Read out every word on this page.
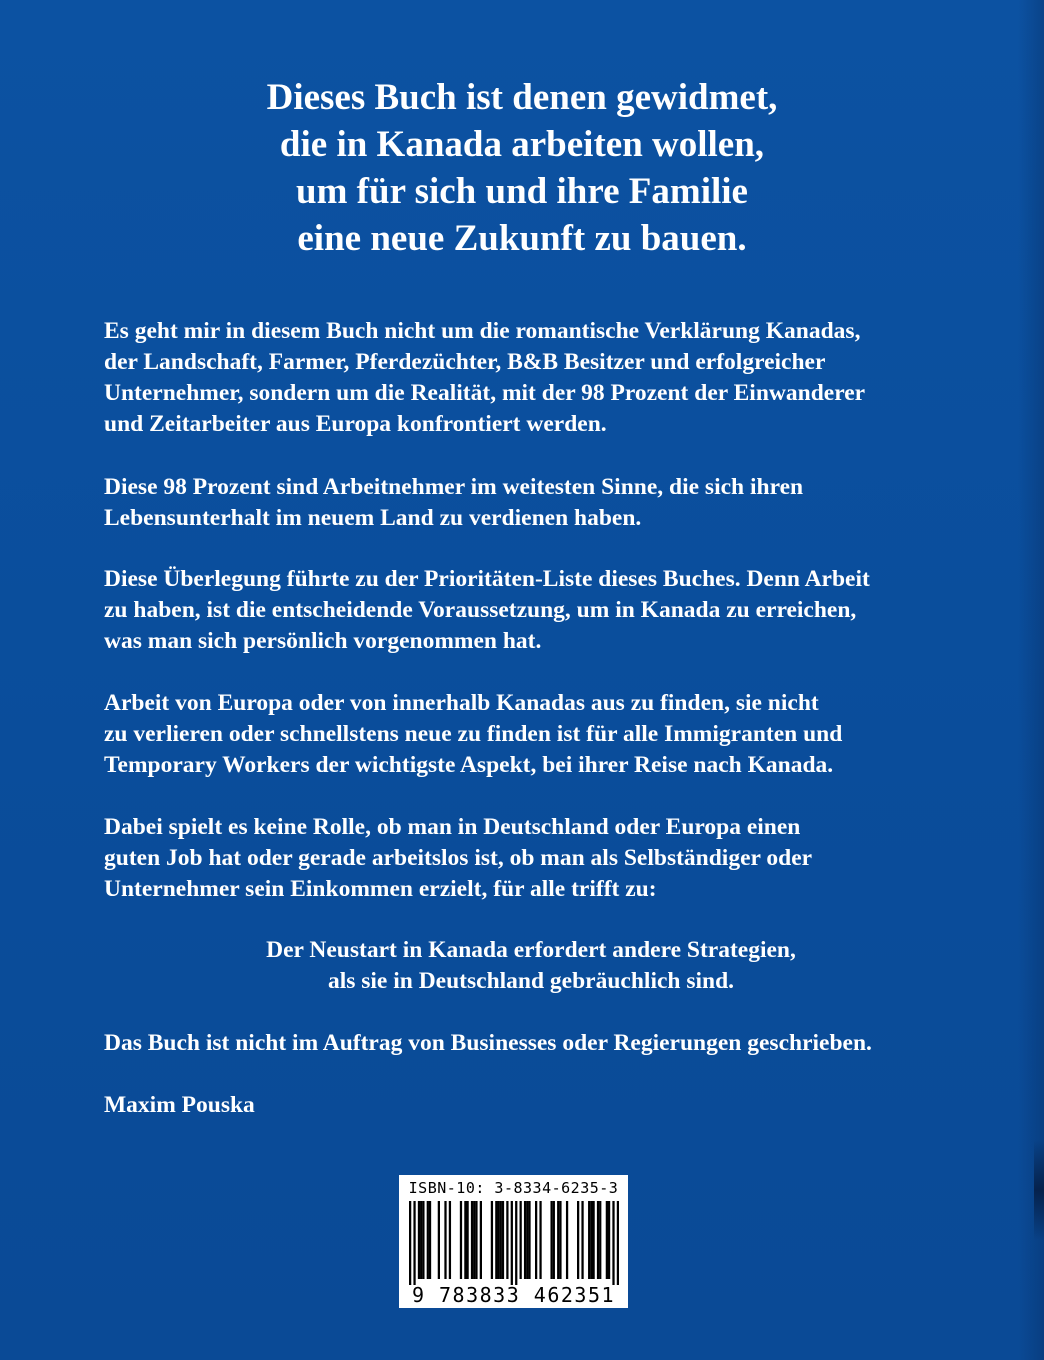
Dieses Buch ist denen gewidmet,
die in Kanada arbeiten wollen,
um für sich und ihre Familie
eine neue Zukunft zu bauen.
Es geht mir in diesem Buch nicht um die romantische Verklärung Kanadas,
der Landschaft, Farmer, Pferdezüchter, B&B Besitzer und erfolgreicher
Unternehmer, sondern um die Realität, mit der 98 Prozent der Einwanderer
und Zeitarbeiter aus Europa konfrontiert werden.
Diese 98 Prozent sind Arbeitnehmer im weitesten Sinne, die sich ihren
Lebensunterhalt im neuem Land zu verdienen haben.
Diese Überlegung führte zu der Prioritäten-Liste dieses Buches. Denn Arbeit
zu haben, ist die entscheidende Voraussetzung, um in Kanada zu erreichen,
was man sich persönlich vorgenommen hat.
Arbeit von Europa oder von innerhalb Kanadas aus zu finden, sie nicht
zu verlieren oder schnellstens neue zu finden ist für alle Immigranten und
Temporary Workers der wichtigste Aspekt, bei ihrer Reise nach Kanada.
Dabei spielt es keine Rolle, ob man in Deutschland oder Europa einen
guten Job hat oder gerade arbeitslos ist, ob man als Selbständiger oder
Unternehmer sein Einkommen erzielt, für alle trifft zu:
Der Neustart in Kanada erfordert andere Strategien,
als sie in Deutschland gebräuchlich sind.
Das Buch ist nicht im Auftrag von Businesses oder Regierungen geschrieben.
Maxim Pouska
ISBN-10: 3-8334-6235-3
9 783833 462351
